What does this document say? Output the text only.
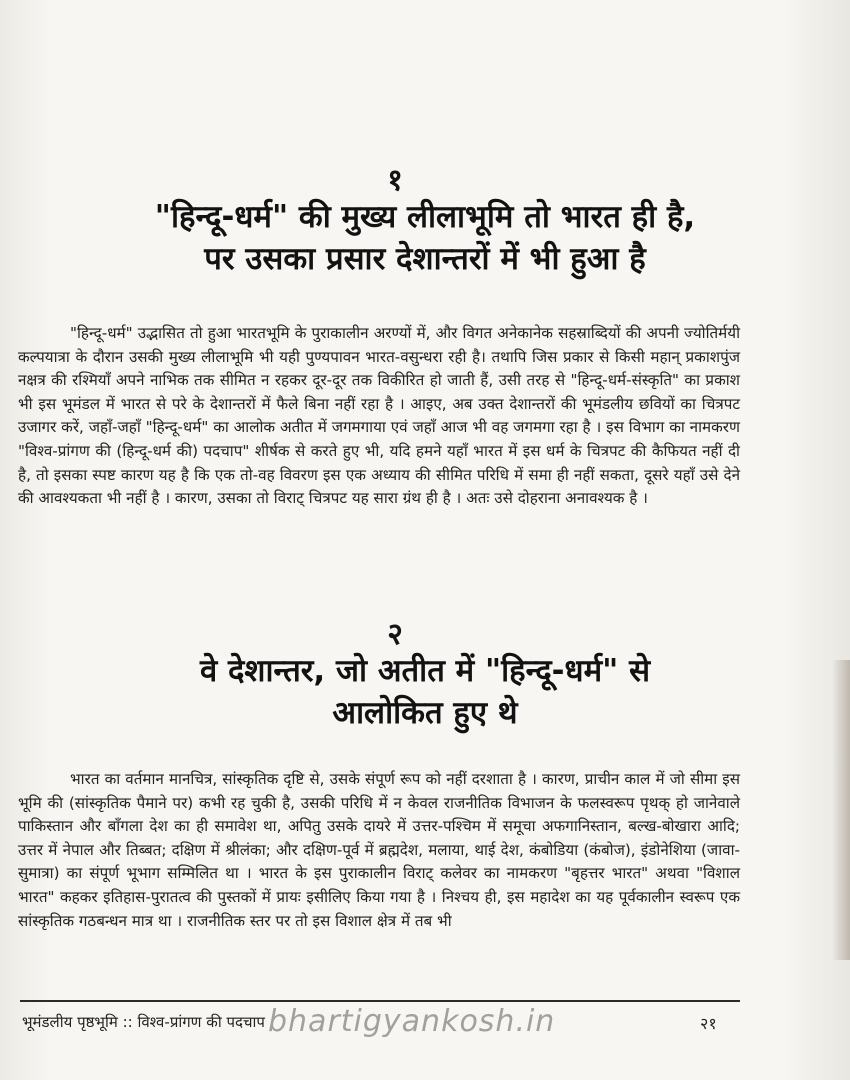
१
"हिन्दू-धर्म" की मुख्य लीलाभूमि तो भारत ही है,
पर उसका प्रसार देशान्तरों में भी हुआ है
"हिन्दू-धर्म" उद्भासित तो हुआ भारतभूमि के पुराकालीन अरण्यों में, और विगत अनेकानेक सहस्राब्दियों की अपनी ज्योतिर्मयी कल्पयात्रा के दौरान उसकी मुख्य लीलाभूमि भी यही पुण्यपावन भारत-वसुन्धरा रही है। तथापि जिस प्रकार से किसी महान् प्रकाशपुंज नक्षत्र की रश्मियाँ अपने नाभिक तक सीमित न रहकर दूर-दूर तक विकीरित हो जाती हैं, उसी तरह से "हिन्दू-धर्म-संस्कृति" का प्रकाश भी इस भूमंडल में भारत से परे के देशान्तरों में फैले बिना नहीं रहा है । आइए, अब उक्त देशान्तरों की भूमंडलीय छवियों का चित्रपट उजागर करें, जहाँ-जहाँ "हिन्दू-धर्म" का आलोक अतीत में जगमगाया एवं जहाँ आज भी वह जगमगा रहा है । इस विभाग का नामकरण "विश्व-प्रांगण की (हिन्दू-धर्म की) पदचाप" शीर्षक से करते हुए भी, यदि हमने यहाँ भारत में इस धर्म के चित्रपट की कैफियत नहीं दी है, तो इसका स्पष्ट कारण यह है कि एक तो-वह विवरण इस एक अध्याय की सीमित परिधि में समा ही नहीं सकता, दूसरे यहाँ उसे देने की आवश्यकता भी नहीं है । कारण, उसका तो विराट् चित्रपट यह सारा ग्रंथ ही है । अतः उसे दोहराना अनावश्यक है ।
२
वे देशान्तर, जो अतीत में "हिन्दू-धर्म" से
आलोकित हुए थे
भारत का वर्तमान मानचित्र, सांस्कृतिक दृष्टि से, उसके संपूर्ण रूप को नहीं दरशाता है । कारण, प्राचीन काल में जो सीमा इस भूमि की (सांस्कृतिक पैमाने पर) कभी रह चुकी है, उसकी परिधि में न केवल राजनीतिक विभाजन के फलस्वरूप पृथक् हो जानेवाले पाकिस्तान और बाँगला देश का ही समावेश था, अपितु उसके दायरे में उत्तर-पश्चिम में समूचा अफगानिस्तान, बल्ख-बोखारा आदि; उत्तर में नेपाल और तिब्बत; दक्षिण में श्रीलंका; और दक्षिण-पूर्व में ब्रह्मदेश, मलाया, थाई देश, कंबोडिया (कंबोज), इंडोनेशिया (जावा-सुमात्रा) का संपूर्ण भूभाग सम्मिलित था । भारत के इस पुराकालीन विराट् कलेवर का नामकरण "बृहत्तर भारत" अथवा "विशाल भारत" कहकर इतिहास-पुरातत्व की पुस्तकों में प्रायः इसीलिए किया गया है । निश्चय ही, इस महादेश का यह पूर्वकालीन स्वरूप एक सांस्कृतिक गठबन्धन मात्र था । राजनीतिक स्तर पर तो इस विशाल क्षेत्र में तब भी
भूमंडलीय पृष्ठभूमि :: विश्व-प्रांगण की पदचाप bhartigyankosh.in	२१
